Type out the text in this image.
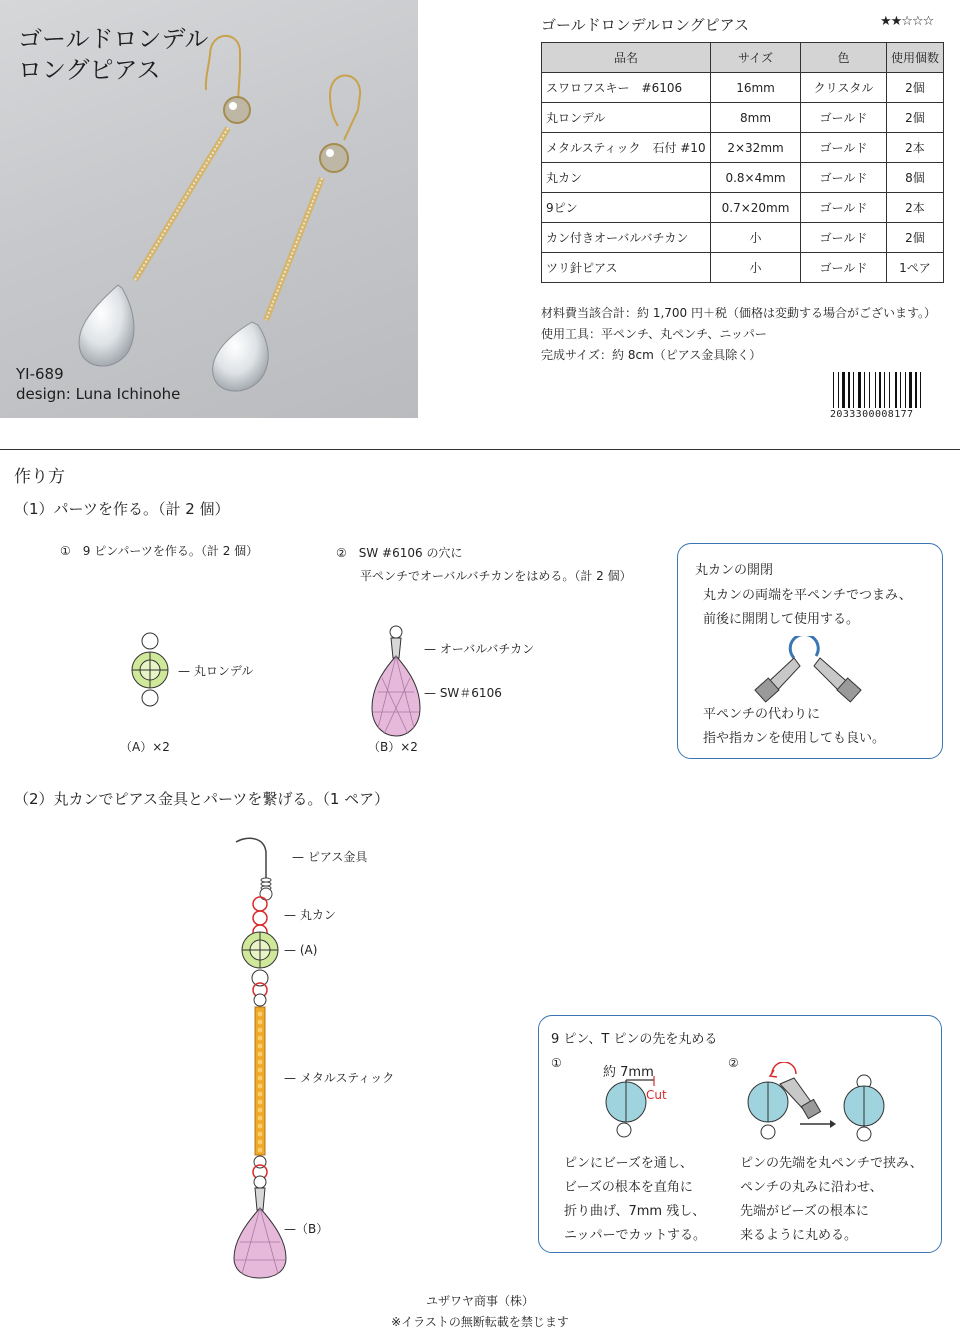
ゴールドロンデル
ロングピアス
YI-689
design: Luna Ichinohe
ゴールドロンデルロングピアス	★★☆☆☆
品名	サイズ	色	使用個数
スワロフスキー　#6106	16mm	クリスタル	2個
丸ロンデル	8mm	ゴールド	2個
メタルスティック　石付 #10	2×32mm	ゴールド	2本
丸カン	0.8×4mm	ゴールド	8個
9ピン	0.7×20mm	ゴールド	2本
カン付きオーバルバチカン	小	ゴールド	2個
ツリ針ピアス	小	ゴールド	1ペア
材料費当該合計：約 1,700 円＋税（価格は変動する場合がございます。）
使用工具：平ペンチ、丸ペンチ、ニッパー
完成サイズ：約 8cm（ピアス金具除く）
2033300008177
作り方
（1）パーツを作る。（計 2 個）
①　9 ピンパーツを作る。（計 2 個）	②　SW #6106 の穴に
平ペンチでオーバルバチカンをはめる。（計 2 個）
— 丸ロンデル
（A）×2
— オーバルバチカン
— SW＃6106
（B）×2
丸カンの開閉
丸カンの両端を平ペンチでつまみ、
前後に開閉して使用する。
平ペンチの代わりに
指や指カンを使用しても良い。
（2）丸カンでピアス金具とパーツを繋げる。（1 ペア）
— ピアス金具
— 丸カン
— (A)
— メタルスティック
—（B）
9 ピン、T ピンの先を丸める
①	②
約 7mm
Cut
ピンにビーズを通し、
ビーズの根本を直角に
折り曲げ、7mm 残し、
ニッパーでカットする。
ピンの先端を丸ペンチで挟み、
ペンチの丸みに沿わせ、
先端がビーズの根本に
来るように丸める。
ユザワヤ商事（株）
※イラストの無断転載を禁じます
